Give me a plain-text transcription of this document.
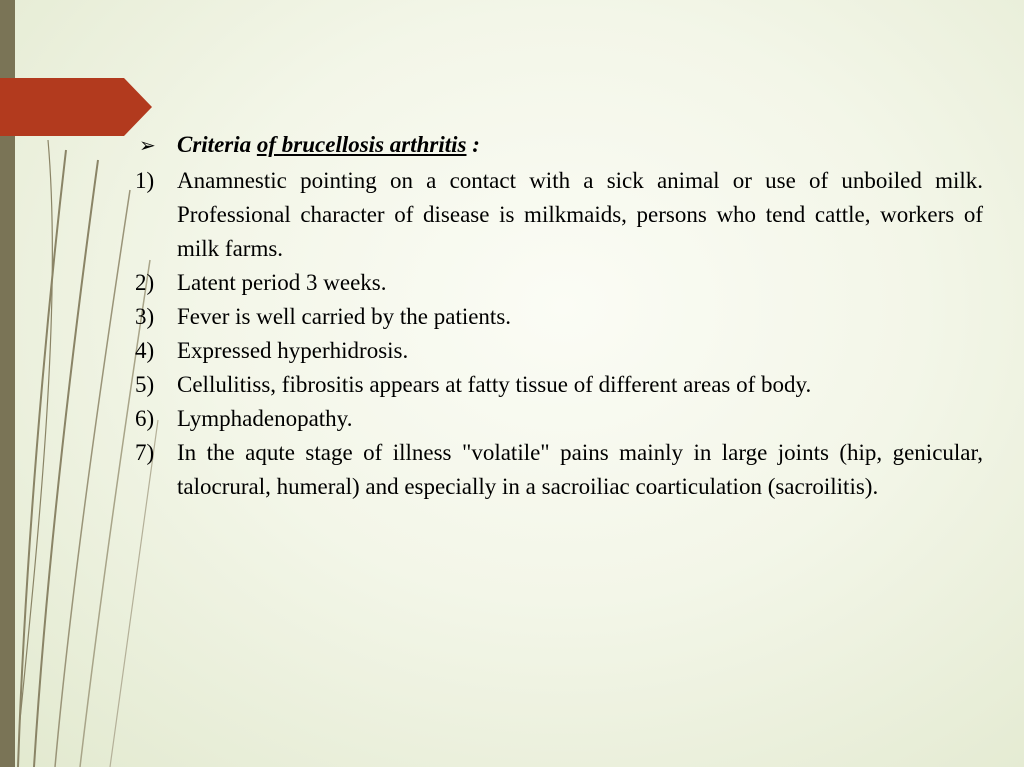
➢ Criteria of brucellosis arthritis :
1) Anamnestic pointing on a contact with a sick animal or use of unboiled milk. Professional character of disease is milkmaids, persons who tend cattle, workers of milk farms.
2) Latent period 3 weeks.
3) Fever is well carried by the patients.
4) Expressed hyperhidrosis.
5) Cellulitiss, fibrositis appears at fatty tissue of different areas of body.
6) Lymphadenopathy.
7) In the aqute stage of illness "volatile" pains mainly in large joints (hip, genicular, talocrural, humeral) and especially in a sacroiliac coarticulation (sacroilitis).
